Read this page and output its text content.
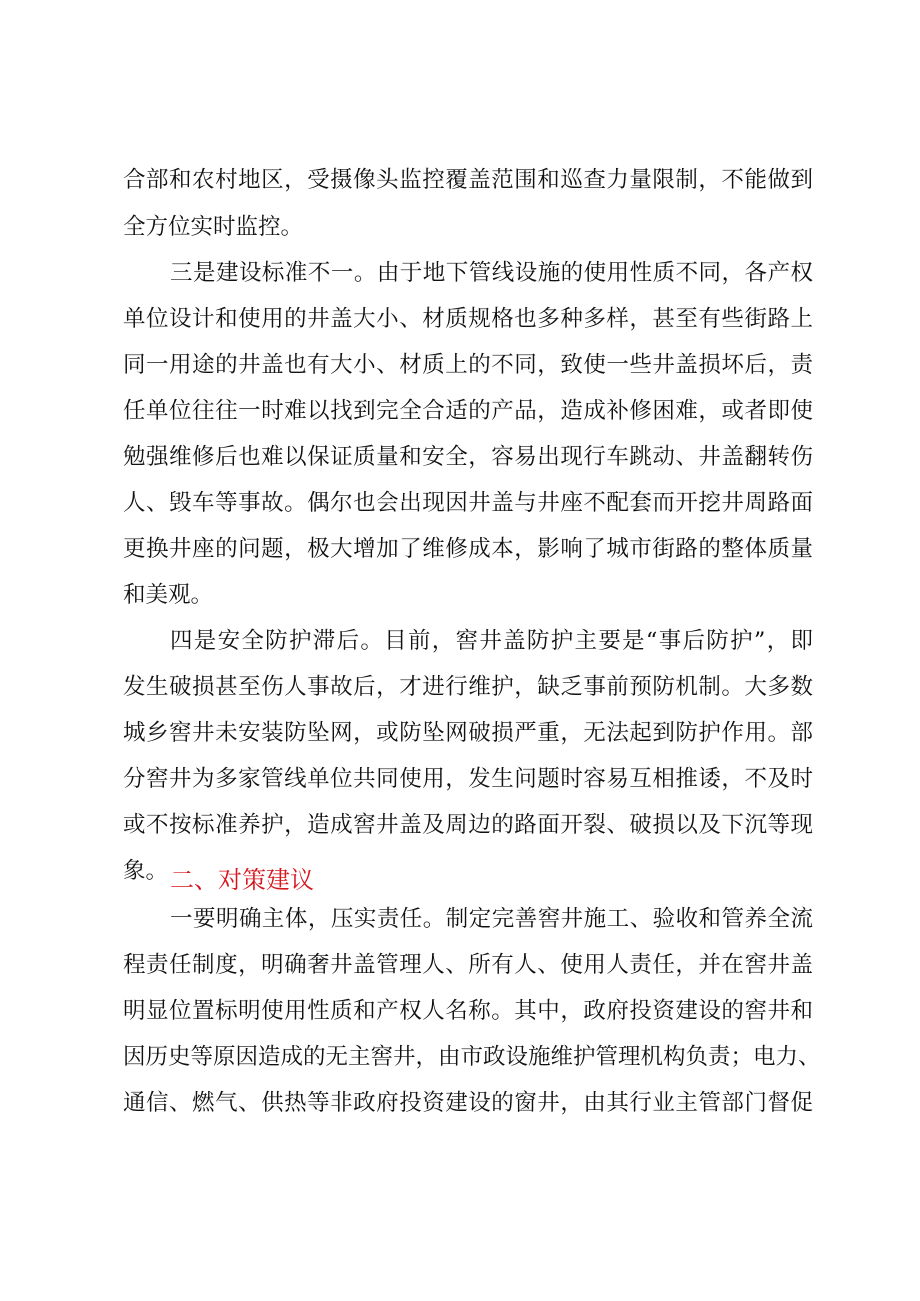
合部和农村地区，受摄像头监控覆盖范围和巡查力量限制，不能做到
全方位实时监控。
三是建设标准不一。由于地下管线设施的使用性质不同，各产权
单位设计和使用的井盖大小、材质规格也多种多样，甚至有些街路上
同一用途的井盖也有大小、材质上的不同，致使一些井盖损坏后，责
任单位往往一时难以找到完全合适的产品，造成补修困难，或者即使
勉强维修后也难以保证质量和安全，容易出现行车跳动、井盖翻转伤
人、毁车等事故。偶尔也会出现因井盖与井座不配套而开挖井周路面
更换井座的问题，极大增加了维修成本，影响了城市街路的整体质量
和美观。
四是安全防护滞后。目前，窖井盖防护主要是“事后防护”，即
发生破损甚至伤人事故后，才进行维护，缺乏事前预防机制。大多数
城乡窖井未安装防坠网，或防坠网破损严重，无法起到防护作用。部
分窖井为多家管线单位共同使用，发生问题时容易互相推诿，不及时
或不按标准养护，造成窖井盖及周边的路面开裂、破损以及下沉等现
象。 二、对策建议
一要明确主体，压实责任。制定完善窖井施工、验收和管养全流
程责任制度，明确奢井盖管理人、所有人、使用人责任，并在窖井盖
明显位置标明使用性质和产权人名称。其中，政府投资建设的窖井和
因历史等原因造成的无主窖井，由市政设施维护管理机构负责；电力、
通信、燃气、供热等非政府投资建设的窗井，由其行业主管部门督促
